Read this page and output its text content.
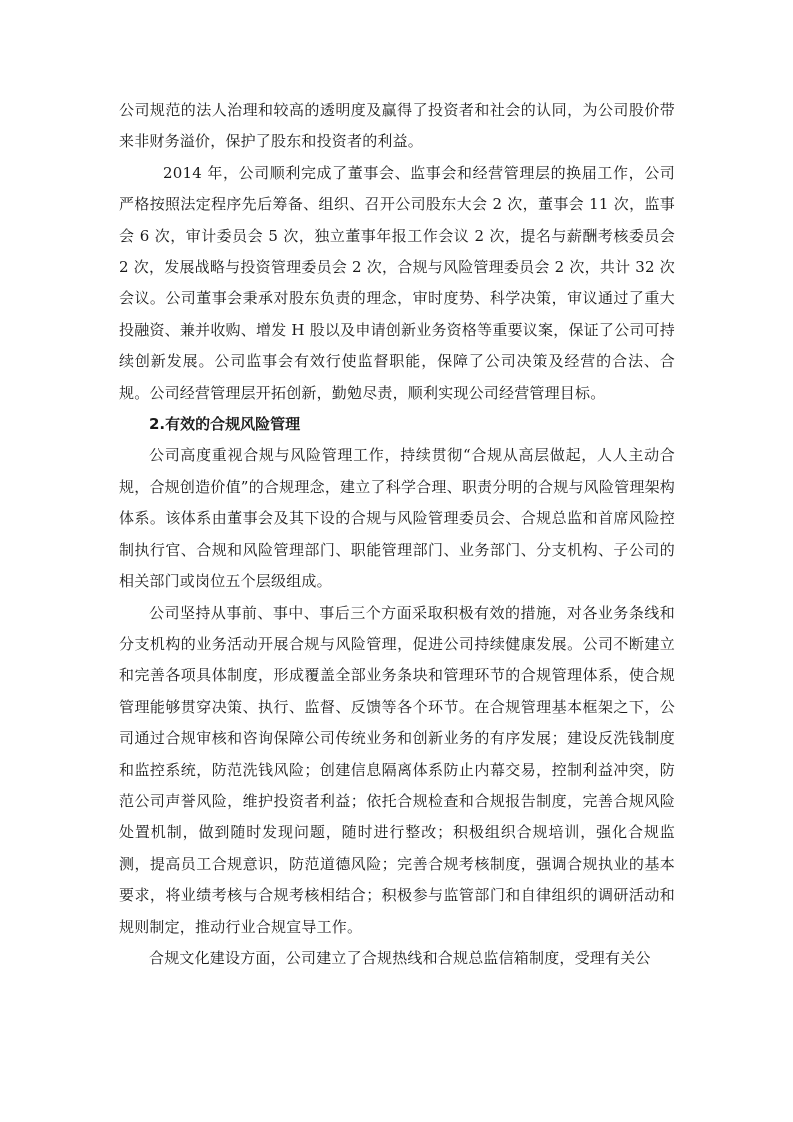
公司规范的法人治理和较高的透明度及赢得了投资者和社会的认同，为公司股价带来非财务溢价，保护了股东和投资者的利益。

2014 年，公司顺利完成了董事会、监事会和经营管理层的换届工作，公司严格按照法定程序先后筹备、组织、召开公司股东大会 2 次，董事会 11 次，监事会 6 次，审计委员会 5 次，独立董事年报工作会议 2 次，提名与薪酬考核委员会 2 次，发展战略与投资管理委员会 2 次，合规与风险管理委员会 2 次，共计 32 次会议。公司董事会秉承对股东负责的理念，审时度势、科学决策，审议通过了重大投融资、兼并收购、增发 H 股以及申请创新业务资格等重要议案，保证了公司可持续创新发展。公司监事会有效行使监督职能，保障了公司决策及经营的合法、合规。公司经营管理层开拓创新，勤勉尽责，顺利实现公司经营管理目标。

2.有效的合规风险管理

公司高度重视合规与风险管理工作，持续贯彻“合规从高层做起，人人主动合规，合规创造价值”的合规理念，建立了科学合理、职责分明的合规与风险管理架构体系。该体系由董事会及其下设的合规与风险管理委员会、合规总监和首席风险控制执行官、合规和风险管理部门、职能管理部门、业务部门、分支机构、子公司的相关部门或岗位五个层级组成。

公司坚持从事前、事中、事后三个方面采取积极有效的措施，对各业务条线和分支机构的业务活动开展合规与风险管理，促进公司持续健康发展。公司不断建立和完善各项具体制度，形成覆盖全部业务条块和管理环节的合规管理体系，使合规管理能够贯穿决策、执行、监督、反馈等各个环节。在合规管理基本框架之下，公司通过合规审核和咨询保障公司传统业务和创新业务的有序发展；建设反洗钱制度和监控系统，防范洗钱风险；创建信息隔离体系防止内幕交易，控制利益冲突，防范公司声誉风险，维护投资者利益；依托合规检查和合规报告制度，完善合规风险处置机制，做到随时发现问题，随时进行整改；积极组织合规培训，强化合规监测，提高员工合规意识，防范道德风险；完善合规考核制度，强调合规执业的基本要求，将业绩考核与合规考核相结合；积极参与监管部门和自律组织的调研活动和规则制定，推动行业合规宣导工作。

合规文化建设方面，公司建立了合规热线和合规总监信箱制度，受理有关公
